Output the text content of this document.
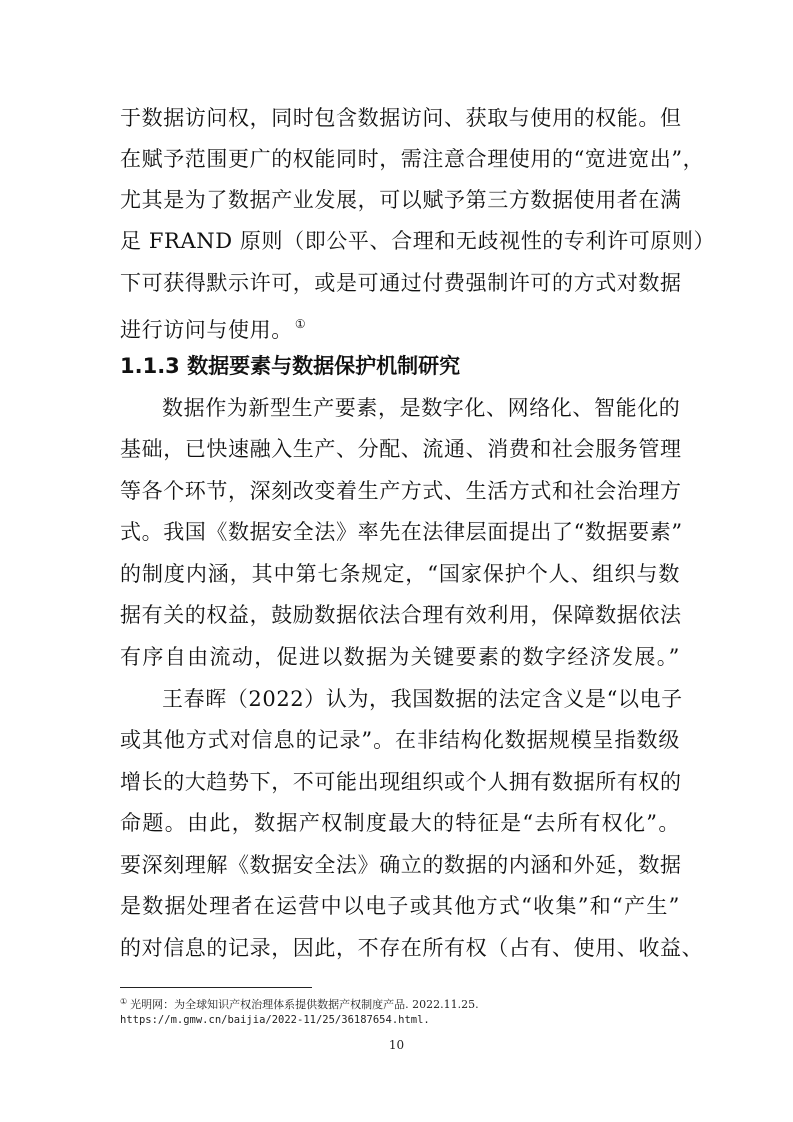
于数据访问权，同时包含数据访问、获取与使用的权能。但
在赋予范围更广的权能同时，需注意合理使用的“宽进宽出”，
尤其是为了数据产业发展，可以赋予第三方数据使用者在满
足 FRAND 原则（即公平、合理和无歧视性的专利许可原则）
下可获得默示许可，或是可通过付费强制许可的方式对数据
进行访问与使用。 ①
1.1.3 数据要素与数据保护机制研究
数据作为新型生产要素，是数字化、网络化、智能化的
基础，已快速融入生产、分配、流通、消费和社会服务管理
等各个环节，深刻改变着生产方式、生活方式和社会治理方
式。我国《数据安全法》率先在法律层面提出了“数据要素”
的制度内涵，其中第七条规定，“国家保护个人、组织与数
据有关的权益，鼓励数据依法合理有效利用，保障数据依法
有序自由流动，促进以数据为关键要素的数字经济发展。”
王春晖（2022）认为，我国数据的法定含义是“以电子
或其他方式对信息的记录”。在非结构化数据规模呈指数级
增长的大趋势下，不可能出现组织或个人拥有数据所有权的
命题。由此，数据产权制度最大的特征是“去所有权化”。
要深刻理解《数据安全法》确立的数据的内涵和外延，数据
是数据处理者在运营中以电子或其他方式“收集”和“产生”
的对信息的记录，因此，不存在所有权（占有、使用、收益、
① 光明网：为全球知识产权治理体系提供数据产权制度产品. 2022.11.25.
https://m.gmw.cn/baijia/2022-11/25/36187654.html.
10
